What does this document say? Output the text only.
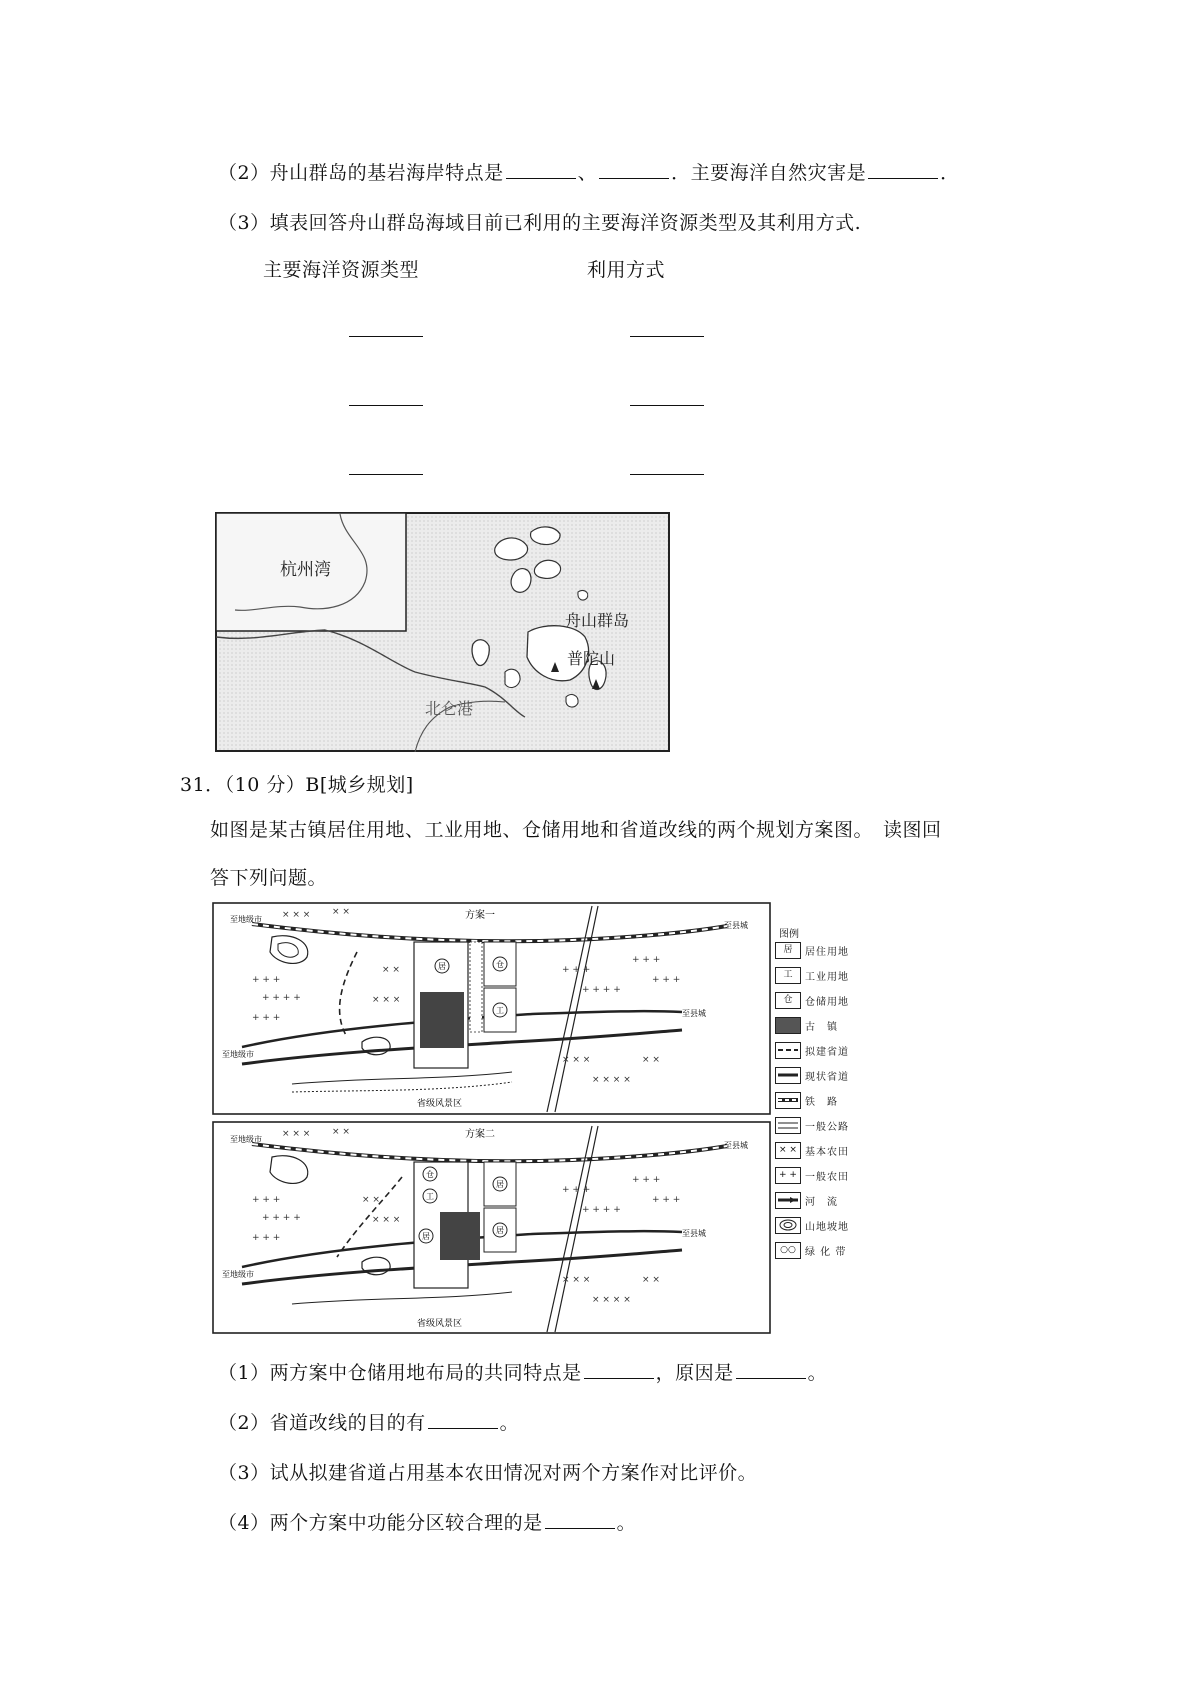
（2）舟山群岛的基岩海岸特点是	、	．主要海洋自然灾害是	．
（3）填表回答舟山群岛海域目前已利用的主要海洋资源类型及其利用方式.
主要海洋资源类型	利用方式
杭州湾
舟山群岛
普陀山
北仑港
31．（10 分）B[城乡规划]
如图是某古镇居住用地、工业用地、仓储用地和省道改线的两个规划方案图。　读图回
答下列问题。
方案一
至地级市
至县城
至县城
至地级市
省级风景区
居	仓
工
× × × × ×
+ + +
+ + + +
+ + +
× ×
× × ×
+ + +
+ + + +
+ + +
+ + +
× × ×
× × × ×
× ×
方案二
至地级市
至县城
至县城
至地级市
省级风景区
仓
工
居
居
居
× × × × ×
+ + +
+ + + +
+ + +
× ×
× × ×
+ + +
+ + + +
+ + +
+ + +
× × ×
× × × ×
× ×
图例
居	居住用地
工	工业用地
仓	仓储用地
古　镇
拟建省道
现状省道
铁　路
一般公路
× × 基本农田
+ + 一般农田
河　流
山地坡地
○○ 绿 化 带
（1）两方案中仓储用地布局的共同特点是	，原因是	。
（2）省道改线的目的有	。
（3）试从拟建省道占用基本农田情况对两个方案作对比评价。
（4）两个方案中功能分区较合理的是	。
